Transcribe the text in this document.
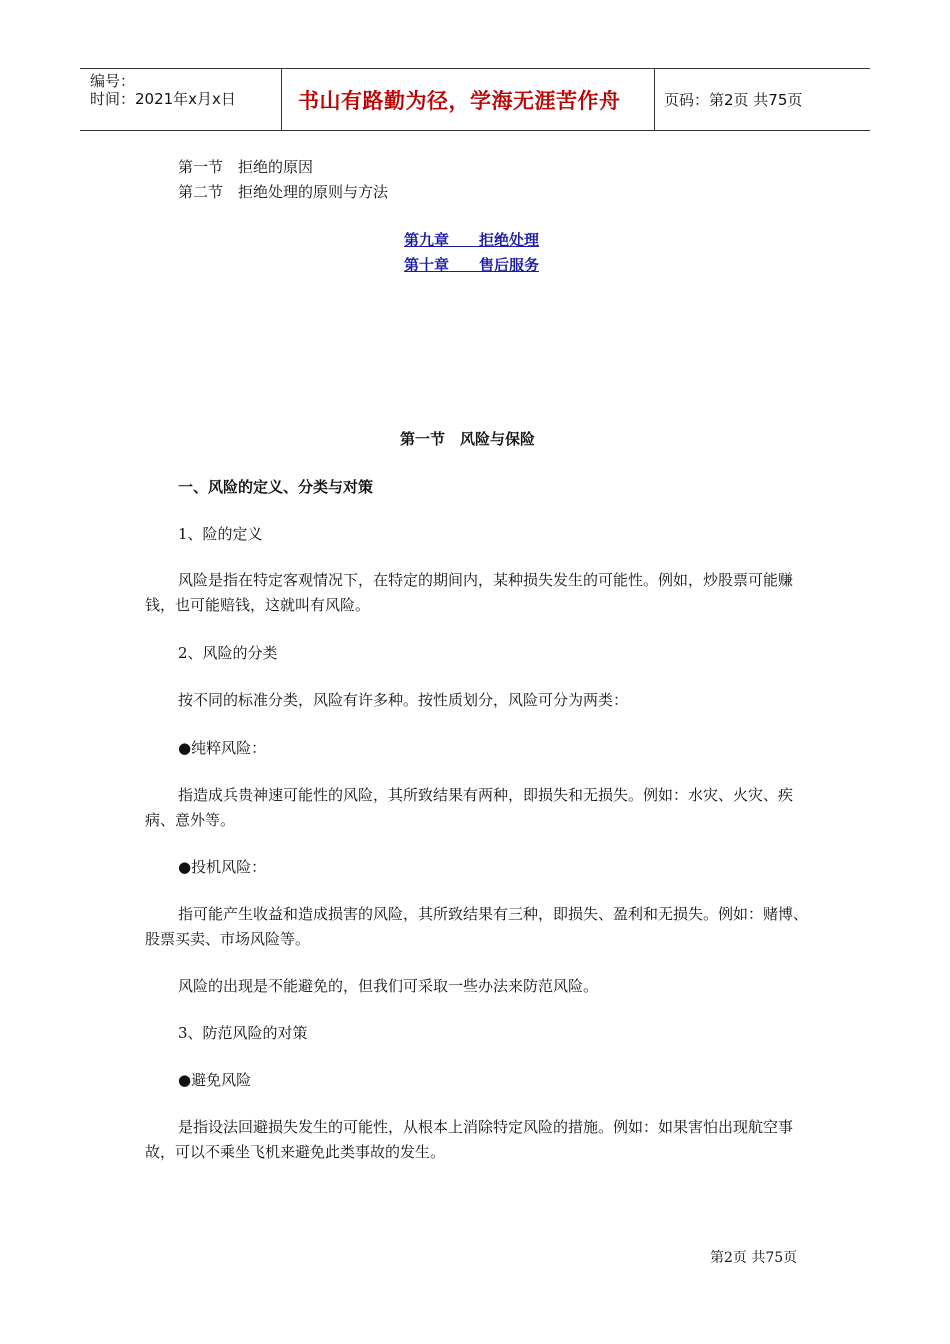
编号：
时间：2021年x月x日	书山有路勤为径，学海无涯苦作舟	页码：第2页 共75页
第一节　拒绝的原因
第二节　拒绝处理的原则与方法
第九章　　拒绝处理
第十章　　售后服务
第一节　风险与保险
一、风险的定义、分类与对策
1、险的定义
风险是指在特定客观情况下，在特定的期间内，某种损失发生的可能性。例如，炒股票可能赚钱，也可能赔钱，这就叫有风险。
2、风险的分类
按不同的标准分类，风险有许多种。按性质划分，风险可分为两类：
●纯粹风险：
指造成兵贵神速可能性的风险，其所致结果有两种，即损失和无损失。例如：水灾、火灾、疾病、意外等。
●投机风险：
指可能产生收益和造成损害的风险，其所致结果有三种，即损失、盈利和无损失。例如：赌博、股票买卖、市场风险等。
风险的出现是不能避免的，但我们可采取一些办法来防范风险。
3、防范风险的对策
●避免风险
是指设法回避损失发生的可能性，从根本上消除特定风险的措施。例如：如果害怕出现航空事故，可以不乘坐飞机来避免此类事故的发生。
第2页 共75页
